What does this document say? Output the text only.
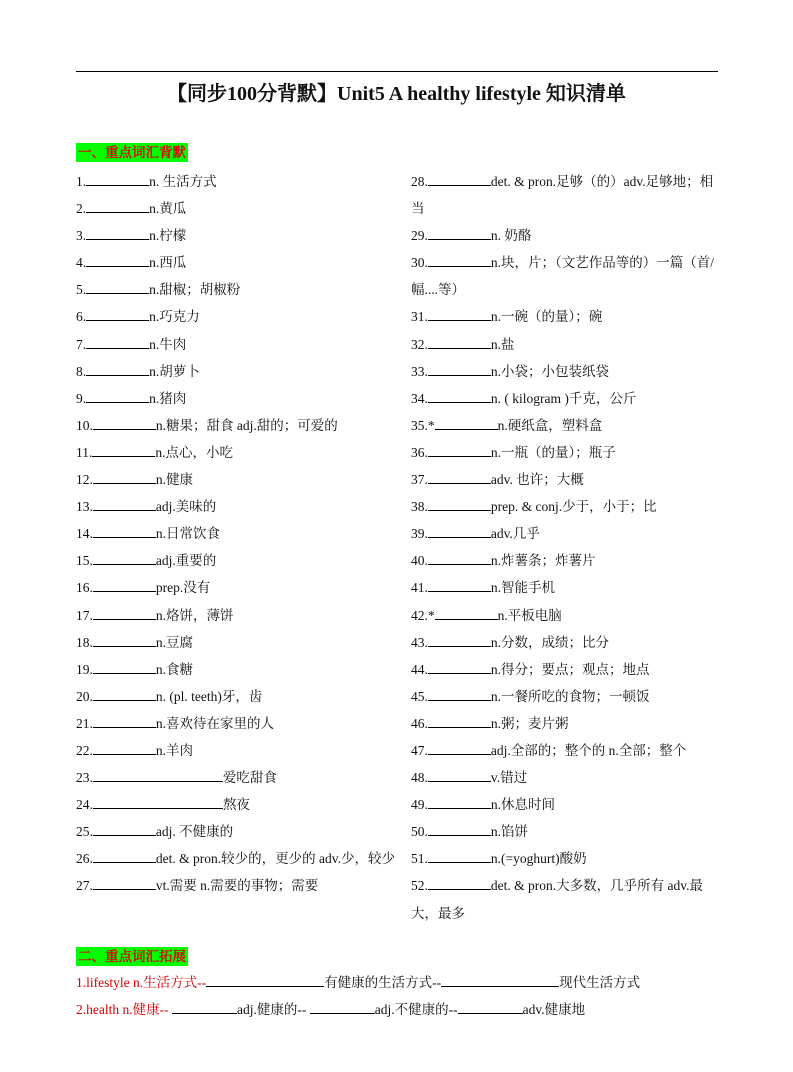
【同步100分背默】Unit5 A healthy lifestyle 知识清单
一、重点词汇背默
1.	n. 生活方式
2.	n.黄瓜
3.	n.柠檬
4.	n.西瓜
5.	n.甜椒；胡椒粉
6.	n.巧克力
7.	n.牛肉
8.	n.胡萝卜
9.	n.猪肉
10.	n.糖果；甜食 adj.甜的；可爱的
11.	n.点心，小吃
12.	n.健康
13.	adj.美味的
14.	n.日常饮食
15.	adj.重要的
16.	prep.没有
17.	n.烙饼，薄饼
18.	n.豆腐
19.	n.食糖
20.	n. (pl. teeth)牙，齿
21.	n.喜欢待在家里的人
22.	n.羊肉
23.	爱吃甜食
24.	熬夜
25.	adj. 不健康的
26.	det. & pron.较少的，更少的 adv.少，较少
27.	vt.需要 n.需要的事物；需要
28.	det. & pron.足够（的）adv.足够地；相当
29.	n. 奶酪
30.	n.块，片；（文艺作品等的）一篇（首/幅....等）
31.	n.一碗（的量）；碗
32.	n.盐
33.	n.小袋；小包装纸袋
34.	n. ( kilogram )千克，公斤
35.*	n.硬纸盒，塑料盒
36.	n.一瓶（的量）；瓶子
37.	adv. 也许；大概
38.	prep. & conj.少于，小于；比
39.	adv.几乎
40.	n.炸薯条；炸薯片
41.	n.智能手机
42.*	n.平板电脑
43.	n.分数，成绩；比分
44.	n.得分；要点；观点；地点
45.	n.一餐所吃的食物；一顿饭
46.	n.粥；麦片粥
47.	adj.全部的；整个的 n.全部；整个
48.	v.错过
49.	n.休息时间
50.	n.馅饼
51.	n.(=yoghurt)酸奶
52.	det. & pron.大多数，几乎所有 adv.最大，最多
二、重点词汇拓展
1.lifestyle n.生活方式--	有健康的生活方式--	现代生活方式
2.health n.健康--	adj.健康的--	adj.不健康的--	adv.健康地
